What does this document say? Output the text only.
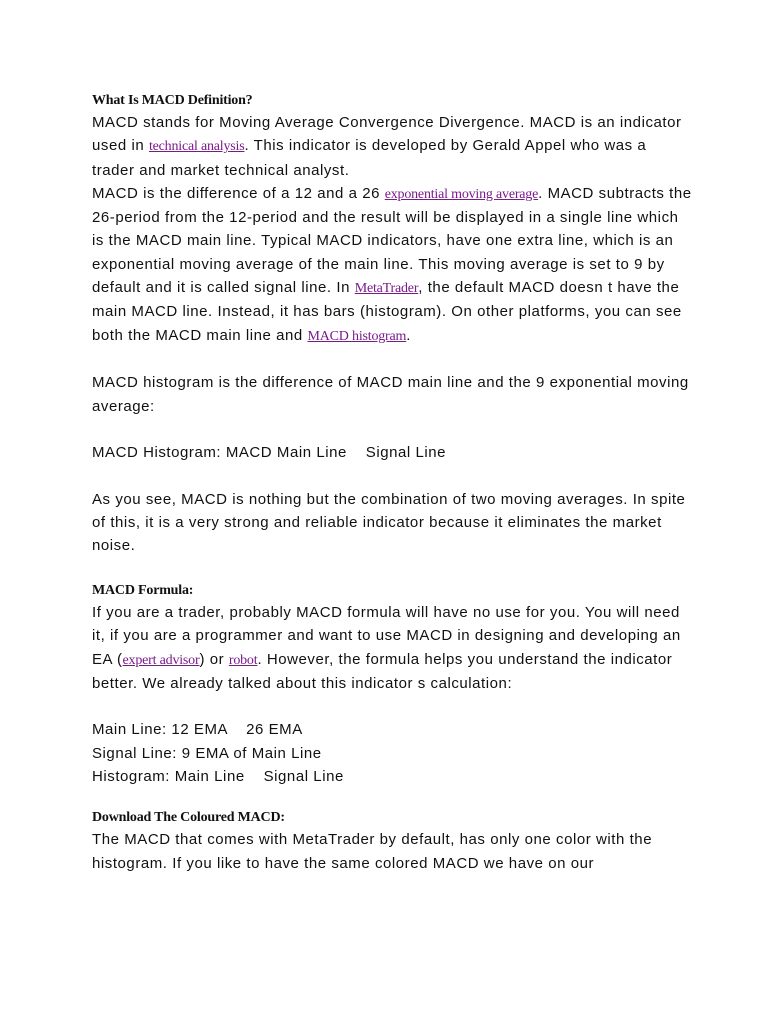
What Is MACD Definition?

MACD stands for Moving Average Convergence Divergence. MACD is an indicator used in technical analysis. This indicator is developed by Gerald Appel who was a trader and market technical analyst.

MACD is the difference of a 12 and a 26 exponential moving average. MACD subtracts the 26-period from the 12-period and the result will be displayed in a single line which is the MACD main line. Typical MACD indicators, have one extra line, which is an exponential moving average of the main line. This moving average is set to 9 by default and it is called signal line. In MetaTrader, the default MACD doesn t have the main MACD line. Instead, it has bars (histogram). On other platforms, you can see both the MACD main line and MACD histogram.

MACD histogram is the difference of MACD main line and the 9 exponential moving average:

MACD Histogram: MACD Main Line    Signal Line

As you see, MACD is nothing but the combination of two moving averages. In spite of this, it is a very strong and reliable indicator because it eliminates the market noise.

MACD Formula:

If you are a trader, probably MACD formula will have no use for you. You will need it, if you are a programmer and want to use MACD in designing and developing an EA (expert advisor) or robot. However, the formula helps you understand the indicator better. We already talked about this indicator s calculation:

Main Line: 12 EMA    26 EMA

Signal Line: 9 EMA of Main Line

Histogram: Main Line    Signal Line

Download The Coloured MACD:

The MACD that comes with MetaTrader by default, has only one color with the histogram. If you like to have the same colored MACD we have on our
